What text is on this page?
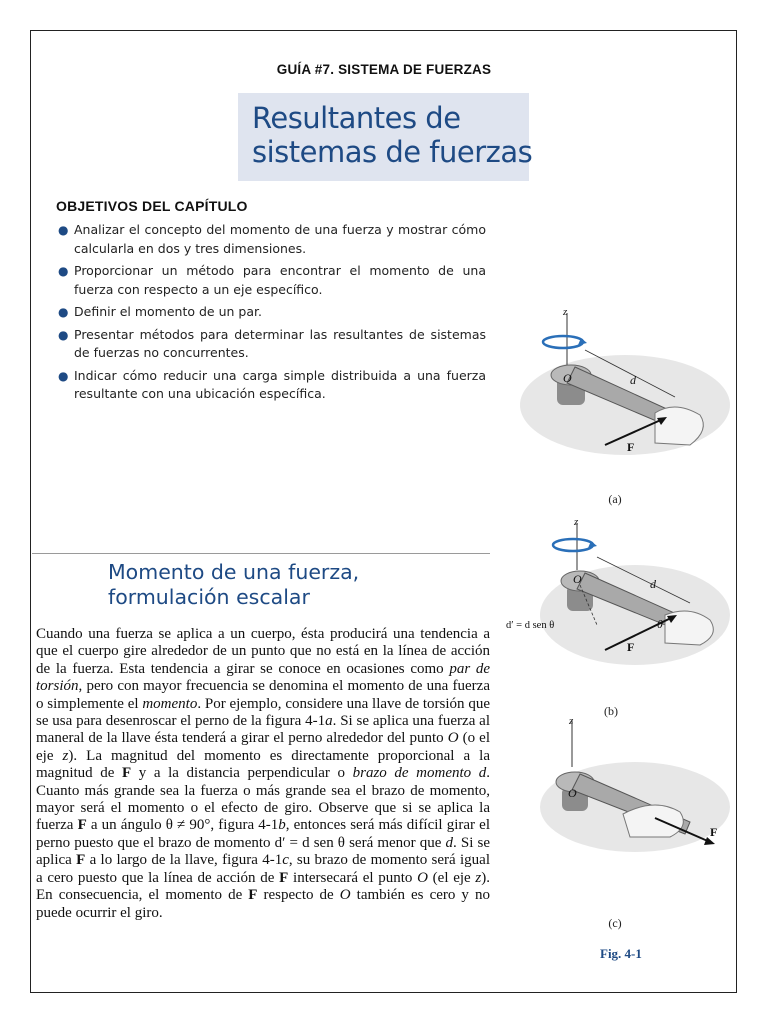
GUÍA #7. SISTEMA DE FUERZAS
Resultantes de
sistemas de fuerzas
OBJETIVOS DEL CAPÍTULO
● Analizar el concepto del momento de una fuerza y mostrar cómo calcularla en dos y tres dimensiones.
● Proporcionar un método para encontrar el momento de una fuerza con respecto a un eje específico.
● Definir el momento de un par.
● Presentar métodos para determinar las resultantes de sistemas de fuerzas no concurrentes.
● Indicar cómo reducir una carga simple distribuida a una fuerza resultante con una ubicación específica.
Momento de una fuerza,
formulación escalar

Cuando una fuerza se aplica a un cuerpo, ésta producirá una tendencia a que el cuerpo gire alrededor de un punto que no está en la línea de acción de la fuerza. Esta tendencia a girar se conoce en ocasiones como par de torsión, pero con mayor frecuencia se denomina el momento de una fuerza o simplemente el momento. Por ejemplo, considere una llave de torsión que se usa para desenroscar el perno de la figura 4-1a. Si se aplica una fuerza al maneral de la llave ésta tenderá a girar el perno alrededor del punto O (o el eje z). La magnitud del momento es directamente proporcional a la magnitud de F y a la distancia perpendicular o brazo de momento d. Cuanto más grande sea la fuerza o más grande sea el brazo de momento, mayor será el momento o el efecto de giro. Observe que si se aplica la fuerza F a un ángulo θ ≠ 90°, figura 4-1b, entonces será más difícil girar el perno puesto que el brazo de momento d′ = d sen θ será menor que d. Si se aplica F a lo largo de la llave, figura 4-1c, su brazo de momento será igual a cero puesto que la línea de acción de F intersecará el punto O (el eje z). En consecuencia, el momento de F respecto de O también es cero y no puede ocurrir el giro.

z
O	d
F
(a)
z
O	d
θ
F
d′ = d sen θ
(b)
z
O
F
(c)
Fig. 4-1
